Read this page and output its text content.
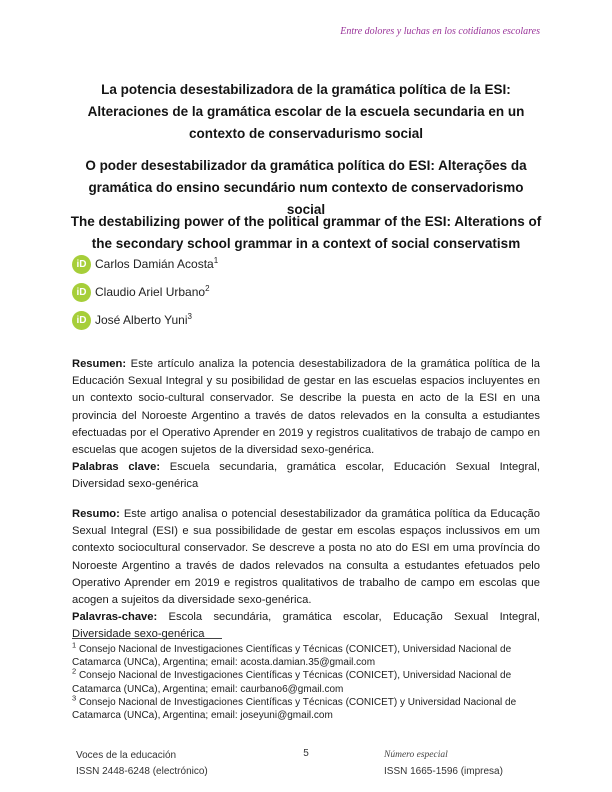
Entre dolores y luchas en los cotidianos escolares
La potencia desestabilizadora de la gramática política de la ESI: Alteraciones de la gramática escolar de la escuela secundaria en un contexto de conservadurismo social
O poder desestabilizador da gramática política do ESI: Alterações da gramática do ensino secundário num contexto de conservadorismo social
The destabilizing power of the political grammar of the ESI: Alterations of the secondary school grammar in a context of social conservatism
iD Carlos Damián Acosta$^1$
iD Claudio Ariel Urbano$^2$
iD José Alberto Yuni$^3$

Resumen: Este artículo analiza la potencia desestabilizadora de la gramática política de la Educación Sexual Integral y su posibilidad de gestar en las escuelas espacios incluyentes en un contexto socio-cultural conservador. Se describe la puesta en acto de la ESI en una provincia del Noroeste Argentino a través de datos relevados en la consulta a estudiantes efectuadas por el Operativo Aprender en 2019 y registros cualitativos de trabajo de campo en escuelas que acogen sujetos de la diversidad sexo-genérica.

Palabras clave: Escuela secundaria, gramática escolar, Educación Sexual Integral, Diversidad sexo-genérica

Resumo: Este artigo analisa o potencial desestabilizador da gramática política da Educação Sexual Integral (ESI) e sua possibilidade de gestar em escolas espaços inclussivos em um contexto sociocultural conservador. Se descreve a posta no ato do ESI em uma província do Noroeste Argentino a través de dados relevados na consulta a estudantes efetuados pelo Operativo Aprender em 2019 e registros qualitativos de trabalho de campo em escolas que acogen a sujeitos da diversidade sexo-genérica.

Palavras-chave: Escola secundária, gramática escolar, Educação Sexual Integral, Diversidade sexo-genérica

$^1$ Consejo Nacional de Investigaciones Científicas y Técnicas (CONICET), Universidad Nacional de Catamarca (UNCa), Argentina; email: acosta.damian.35@gmail.com
$^2$ Consejo Nacional de Investigaciones Científicas y Técnicas (CONICET), Universidad Nacional de Catamarca (UNCa), Argentina; email: caurbano6@gmail.com
$^3$ Consejo Nacional de Investigaciones Científicas y Técnicas (CONICET) y Universidad Nacional de Catamarca (UNCa), Argentina; email: joseyuni@gmail.com
Voces de la educación
ISSN 2448-6248 (electrónico)
5	Número especial
ISSN 1665-1596 (impresa)
